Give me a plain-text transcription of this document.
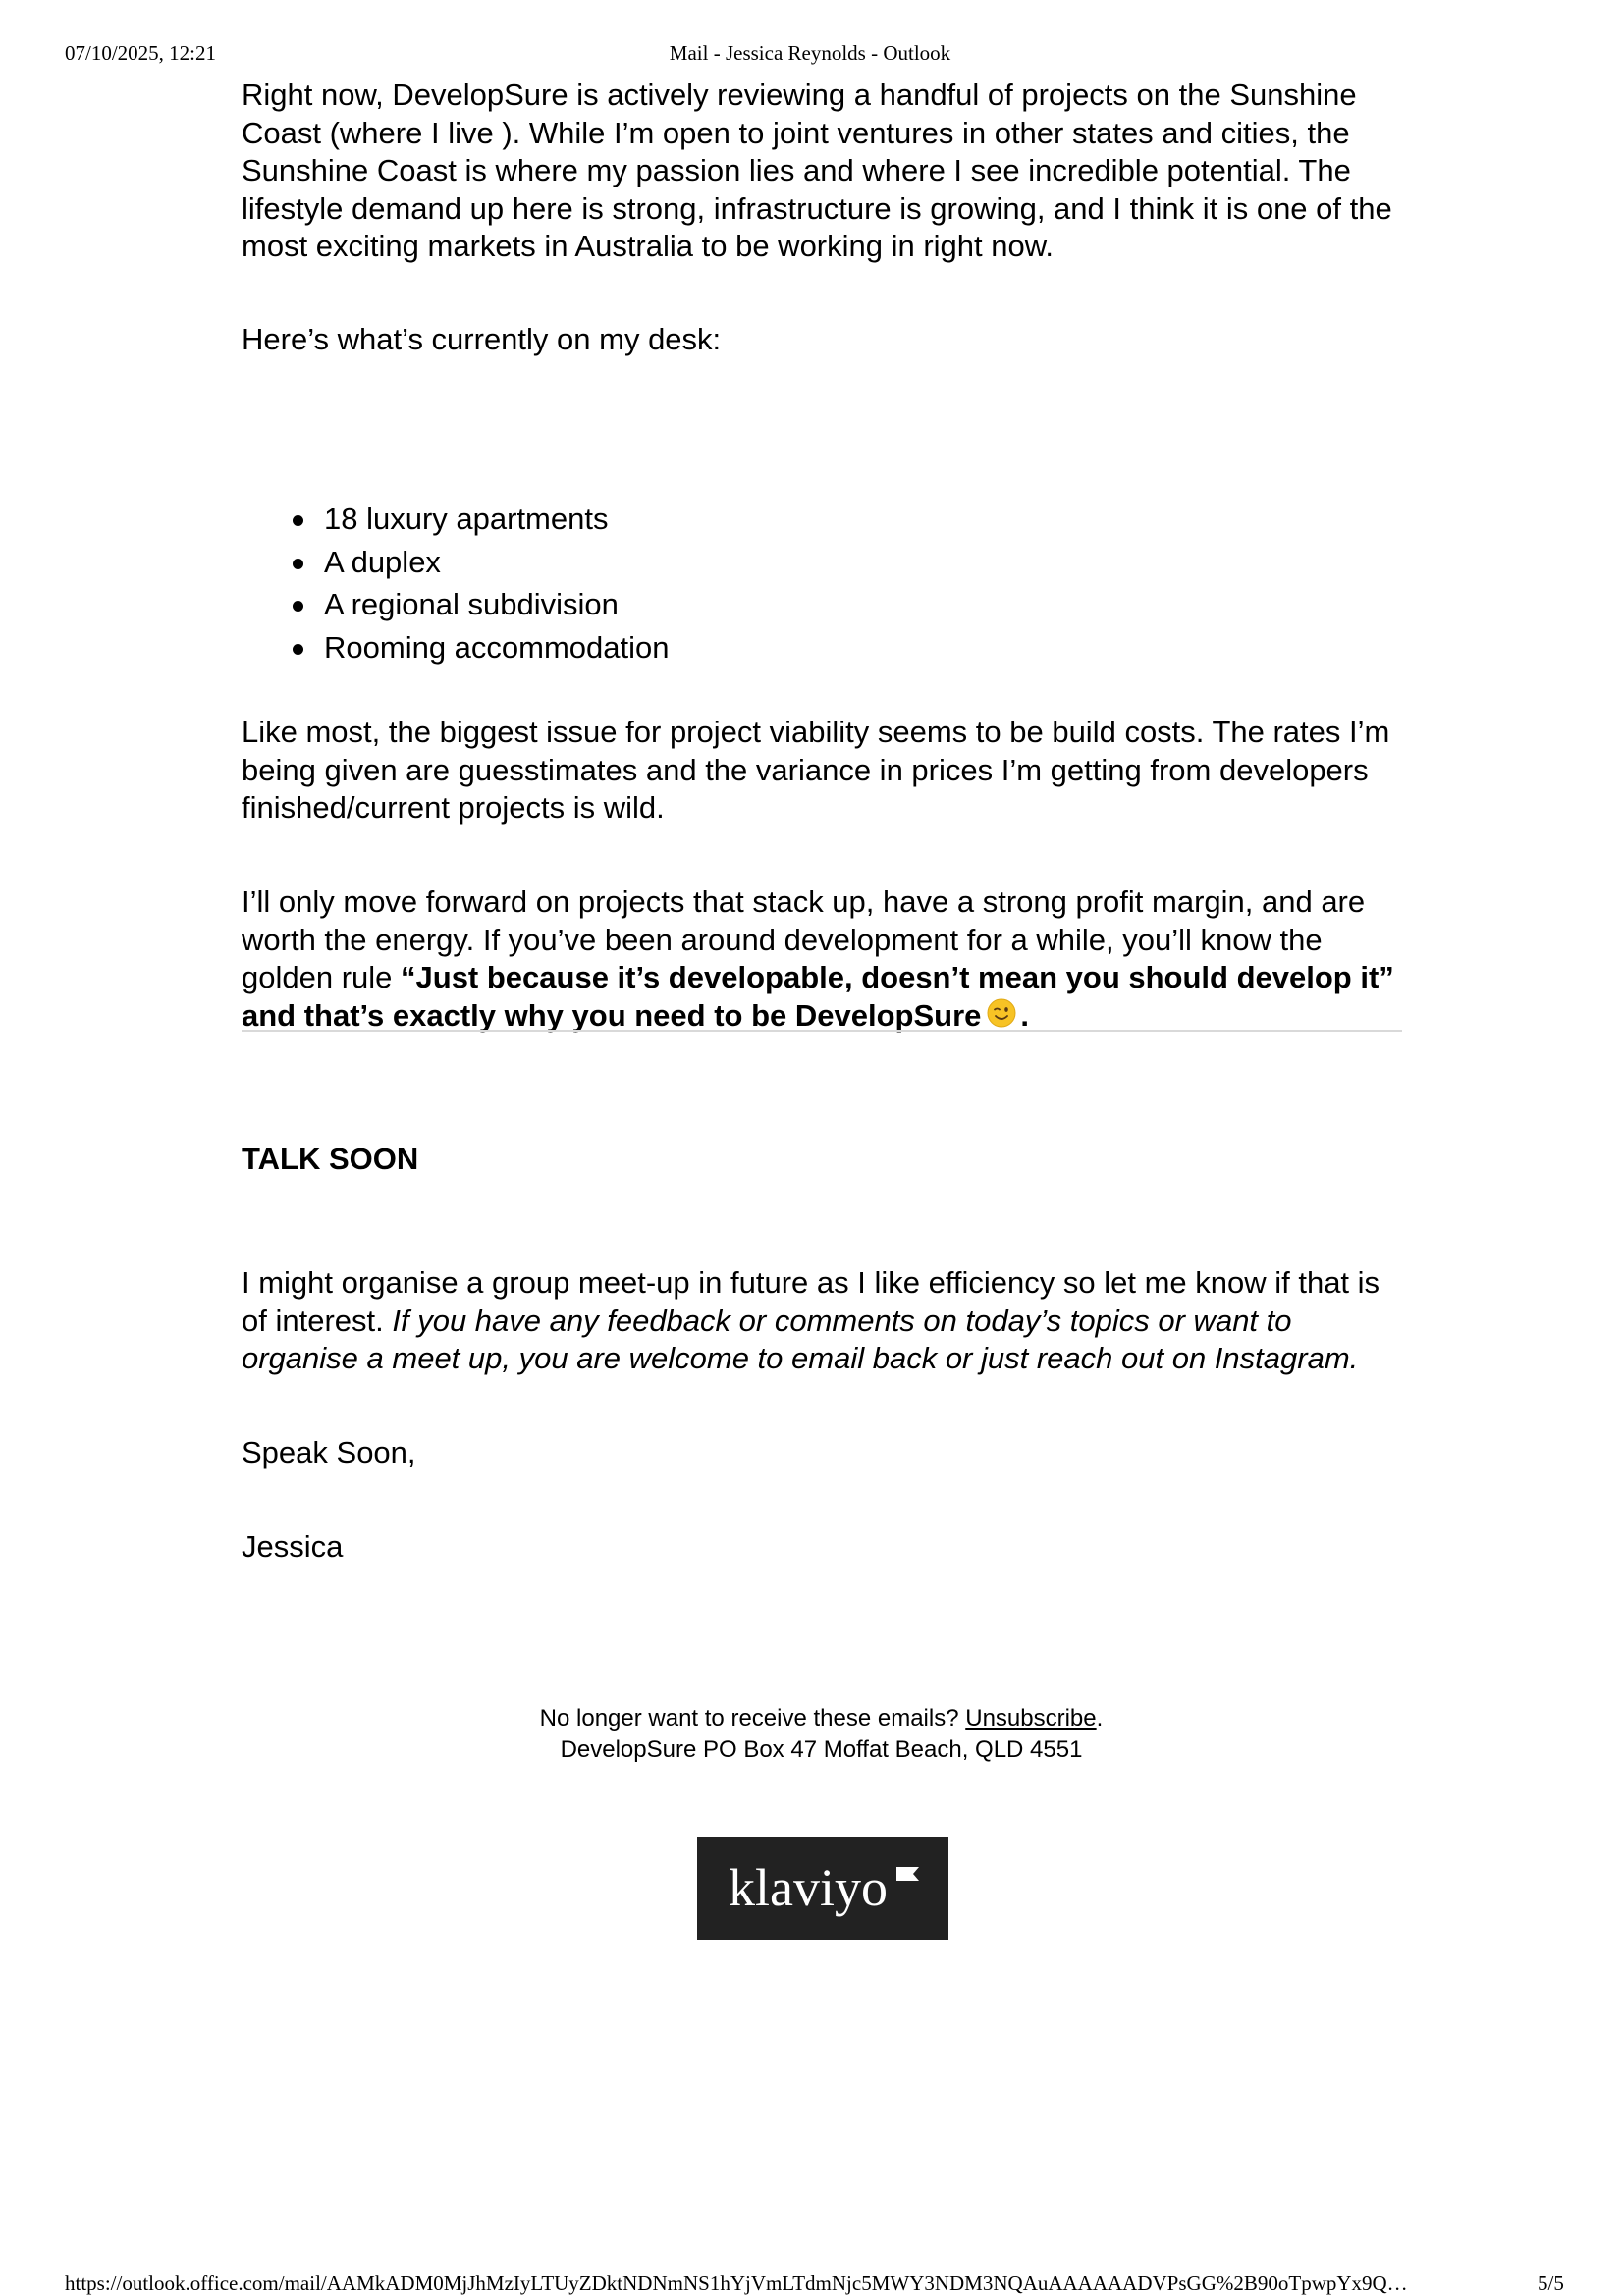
07/10/2025, 12:21	Mail - Jessica Reynolds - Outlook

Right now, DevelopSure is actively reviewing a handful of projects on the Sunshine Coast (where I live ). While I’m open to joint ventures in other states and cities, the Sunshine Coast is where my passion lies and where I see incredible potential. The lifestyle demand up here is strong, infrastructure is growing, and I think it is one of the most exciting markets in Australia to be working in right now.

Here’s what’s currently on my desk:

18 luxury apartments
A duplex
A regional subdivision
Rooming accommodation

Like most, the biggest issue for project viability seems to be build costs. The rates I’m being given are guesstimates and the variance in prices I’m getting from developers finished/current projects is wild.

I’ll only move forward on projects that stack up, have a strong profit margin, and are worth the energy. If you’ve been around development for a while, you’ll know the golden rule “Just because it’s developable, doesn’t mean you should develop it” and that’s exactly why you need to be DevelopSure .

TALK SOON

I might organise a group meet-up in future as I like efficiency so let me know if that is of interest. If you have any feedback or comments on today’s topics or want to organise a meet up, you are welcome to email back or just reach out on Instagram.

Speak Soon,

Jessica

No longer want to receive these emails? Unsubscribe.
DevelopSure PO Box 47 Moffat Beach, QLD 4551
klaviyo
https://outlook.office.com/mail/AAMkADM0MjJhMzIyLTUyZDktNDNmNS1hYjVmLTdmNjc5MWY3NDM3NQAuAAAAAADVPsGG%2B90oTpwpYx9Q…	5/5
